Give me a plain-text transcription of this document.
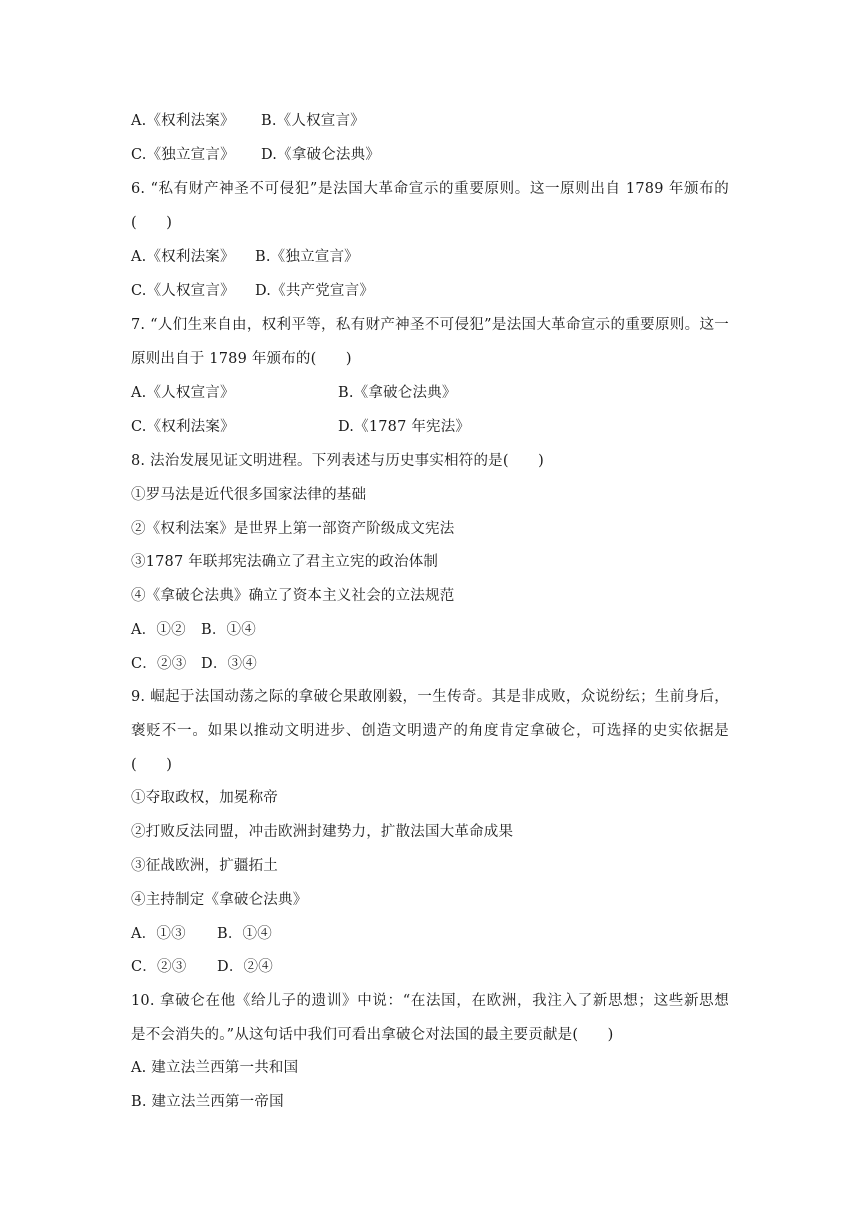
A.《权利法案》 B.《人权宣言》
C.《独立宣言》 D.《拿破仑法典》
6. “私有财产神圣不可侵犯”是法国大革命宣示的重要原则。这一原则出自 1789 年颁布的
(　　)
A.《权利法案》 B.《独立宣言》
C.《人权宣言》 D.《共产党宣言》
7. “人们生来自由，权利平等，私有财产神圣不可侵犯”是法国大革命宣示的重要原则。这一
原则出自于 1789 年颁布的(　　)
A.《人权宣言》	B.《拿破仑法典》
C.《权利法案》	D.《1787 年宪法》
8. 法治发展见证文明进程。下列表述与历史事实相符的是(　　)
①罗马法是近代很多国家法律的基础
②《权利法案》是世界上第一部资产阶级成文宪法
③1787 年联邦宪法确立了君主立宪的政治体制
④《拿破仑法典》确立了资本主义社会的立法规范
A．①② B．①④
C．②③ D．③④
9. 崛起于法国动荡之际的拿破仑果敢刚毅，一生传奇。其是非成败，众说纷纭；生前身后，
褒贬不一。如果以推动文明进步、创造文明遗产的角度肯定拿破仑，可选择的史实依据是
(　　)
①夺取政权，加冕称帝
②打败反法同盟，冲击欧洲封建势力，扩散法国大革命成果
③征战欧洲，扩疆拓土
④主持制定《拿破仑法典》
A．①③ B．①④
C．②③ D．②④
10. 拿破仑在他《给儿子的遗训》中说：“在法国，在欧洲，我注入了新思想；这些新思想
是不会消失的。”从这句话中我们可看出拿破仑对法国的最主要贡献是(　　)
A. 建立法兰西第一共和国
B. 建立法兰西第一帝国
